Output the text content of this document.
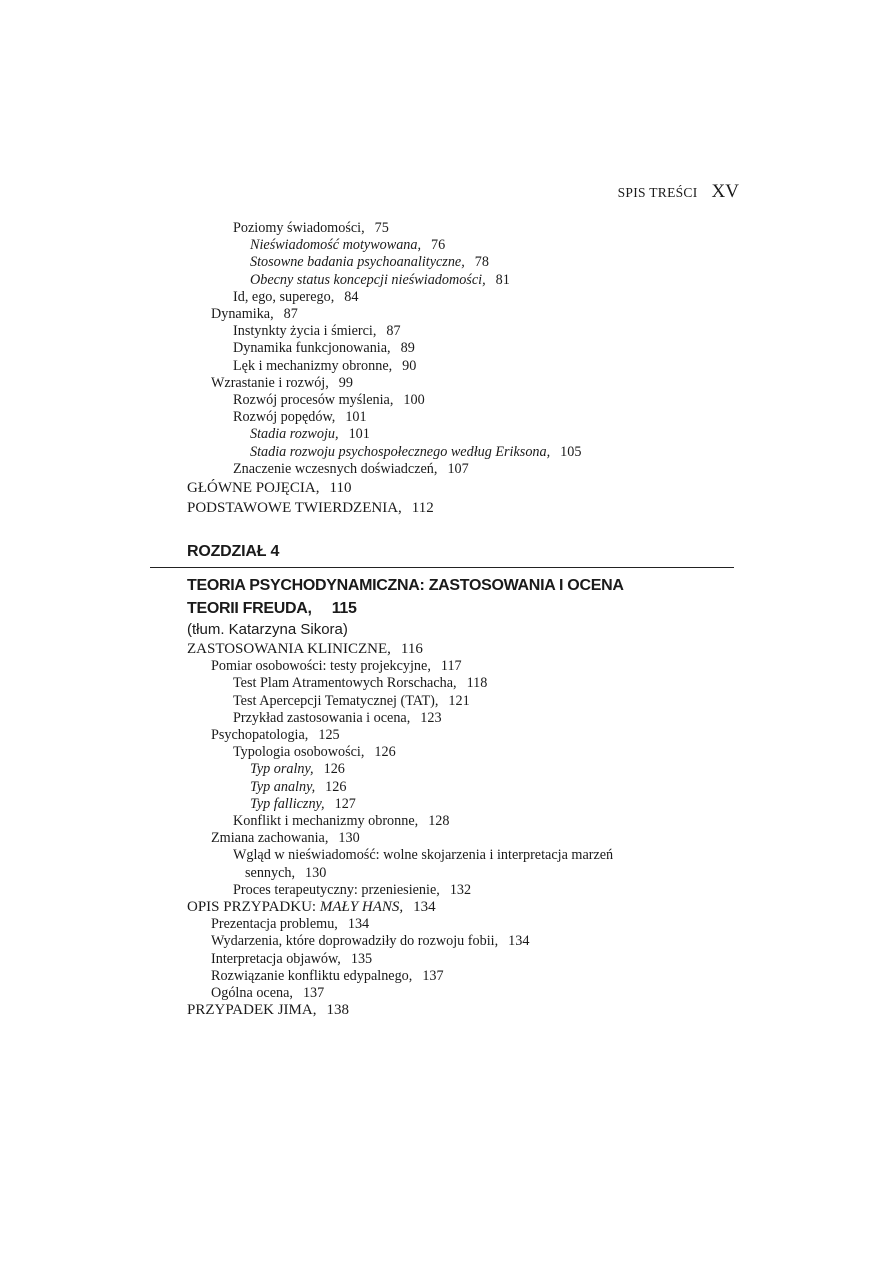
SPIS TREŚCI XV
Poziomy świadomości, 75
Nieświadomość motywowana, 76
Stosowne badania psychoanalityczne, 78
Obecny status koncepcji nieświadomości, 81
Id, ego, superego, 84
Dynamika, 87
Instynkty życia i śmierci, 87
Dynamika funkcjonowania, 89
Lęk i mechanizmy obronne, 90
Wzrastanie i rozwój, 99
Rozwój procesów myślenia, 100
Rozwój popędów, 101
Stadia rozwoju, 101
Stadia rozwoju psychospołecznego według Eriksona, 105
Znaczenie wczesnych doświadczeń, 107
GŁÓWNE POJĘCIA, 110
PODSTAWOWE TWIERDZENIA, 112
ROZDZIAŁ 4
TEORIA PSYCHODYNAMICZNA: ZASTOSOWANIA I OCENA
TEORII FREUDA, 115
(tłum. Katarzyna Sikora)
ZASTOSOWANIA KLINICZNE, 116
Pomiar osobowości: testy projekcyjne, 117
Test Plam Atramentowych Rorschacha, 118
Test Apercepcji Tematycznej (TAT), 121
Przykład zastosowania i ocena, 123
Psychopatologia, 125
Typologia osobowości, 126
Typ oralny, 126
Typ analny, 126
Typ falliczny, 127
Konflikt i mechanizmy obronne, 128
Zmiana zachowania, 130
Wgląd w nieświadomość: wolne skojarzenia i interpretacja marzeń
sennych, 130
Proces terapeutyczny: przeniesienie, 132
OPIS PRZYPADKU: MAŁY HANS, 134
Prezentacja problemu, 134
Wydarzenia, które doprowadziły do rozwoju fobii, 134
Interpretacja objawów, 135
Rozwiązanie konfliktu edypalnego, 137
Ogólna ocena, 137
PRZYPADEK JIMA, 138
